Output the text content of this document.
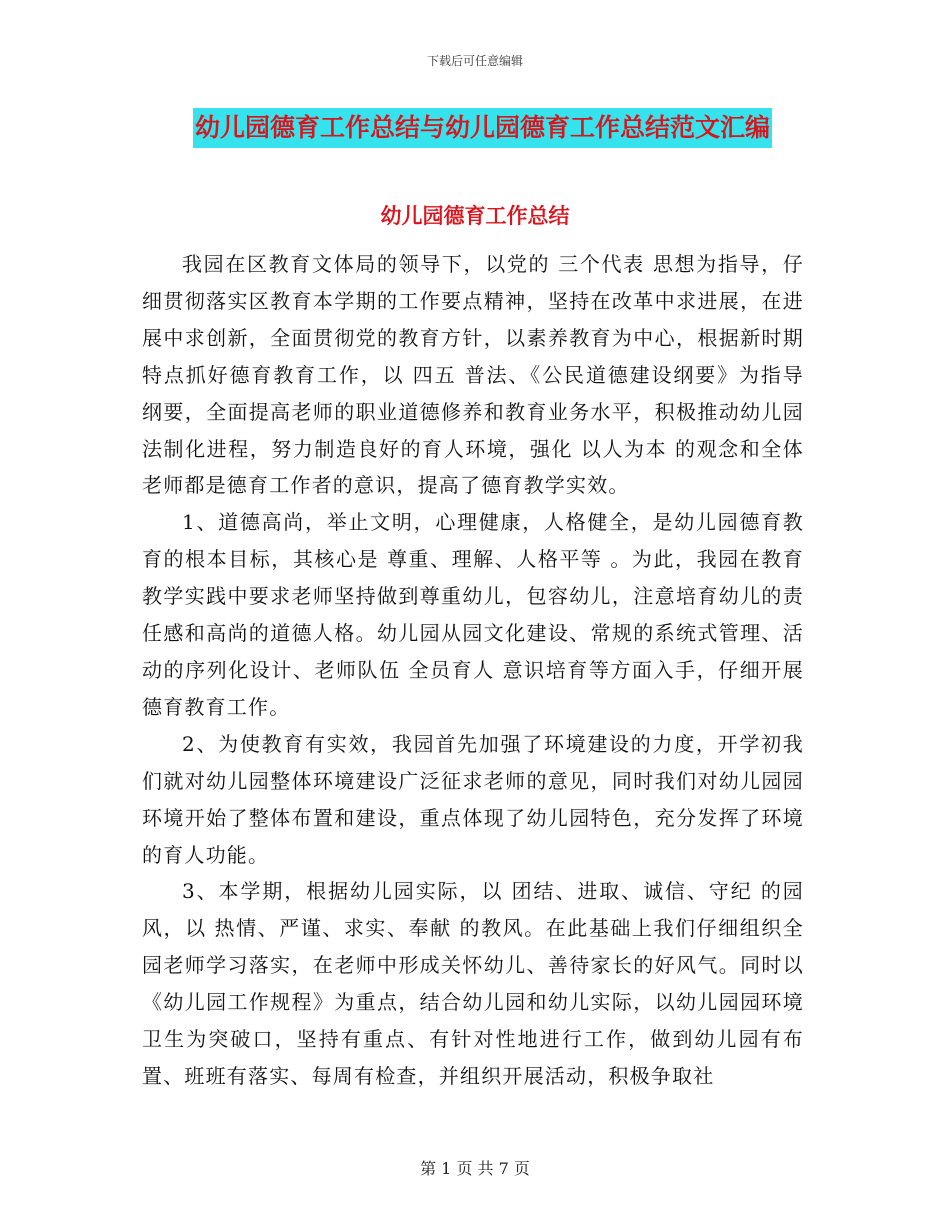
下载后可任意编辑
幼儿园德育工作总结与幼儿园德育工作总结范文汇编
幼儿园德育工作总结

我园在区教育文体局的领导下，以党的 三个代表 思想为指导，仔细贯彻落实区教育本学期的工作要点精神，坚持在改革中求进展，在进展中求创新，全面贯彻党的教育方针，以素养教育为中心，根据新时期特点抓好德育教育工作，以 四五 普法、《公民道德建设纲要》为指导纲要，全面提高老师的职业道德修养和教育业务水平，积极推动幼儿园法制化进程，努力制造良好的育人环境，强化 以人为本 的观念和全体老师都是德育工作者的意识，提高了德育教学实效。

1、道德高尚，举止文明，心理健康，人格健全，是幼儿园德育教育的根本目标，其核心是 尊重、理解、人格平等 。为此，我园在教育教学实践中要求老师坚持做到尊重幼儿，包容幼儿，注意培育幼儿的责任感和高尚的道德人格。幼儿园从园文化建设、常规的系统式管理、活动的序列化设计、老师队伍 全员育人 意识培育等方面入手，仔细开展德育教育工作。

2、为使教育有实效，我园首先加强了环境建设的力度，开学初我们就对幼儿园整体环境建设广泛征求老师的意见，同时我们对幼儿园园环境开始了整体布置和建设，重点体现了幼儿园特色，充分发挥了环境的育人功能。

3、本学期，根据幼儿园实际，以 团结、进取、诚信、守纪 的园风，以 热情、严谨、求实、奉献 的教风。在此基础上我们仔细组织全园老师学习落实，在老师中形成关怀幼儿、善待家长的好风气。同时以《幼儿园工作规程》为重点，结合幼儿园和幼儿实际，以幼儿园园环境卫生为突破口，坚持有重点、有针对性地进行工作，做到幼儿园有布置、班班有落实、每周有检查，并组织开展活动，积极争取社

第 1 页 共 7 页
